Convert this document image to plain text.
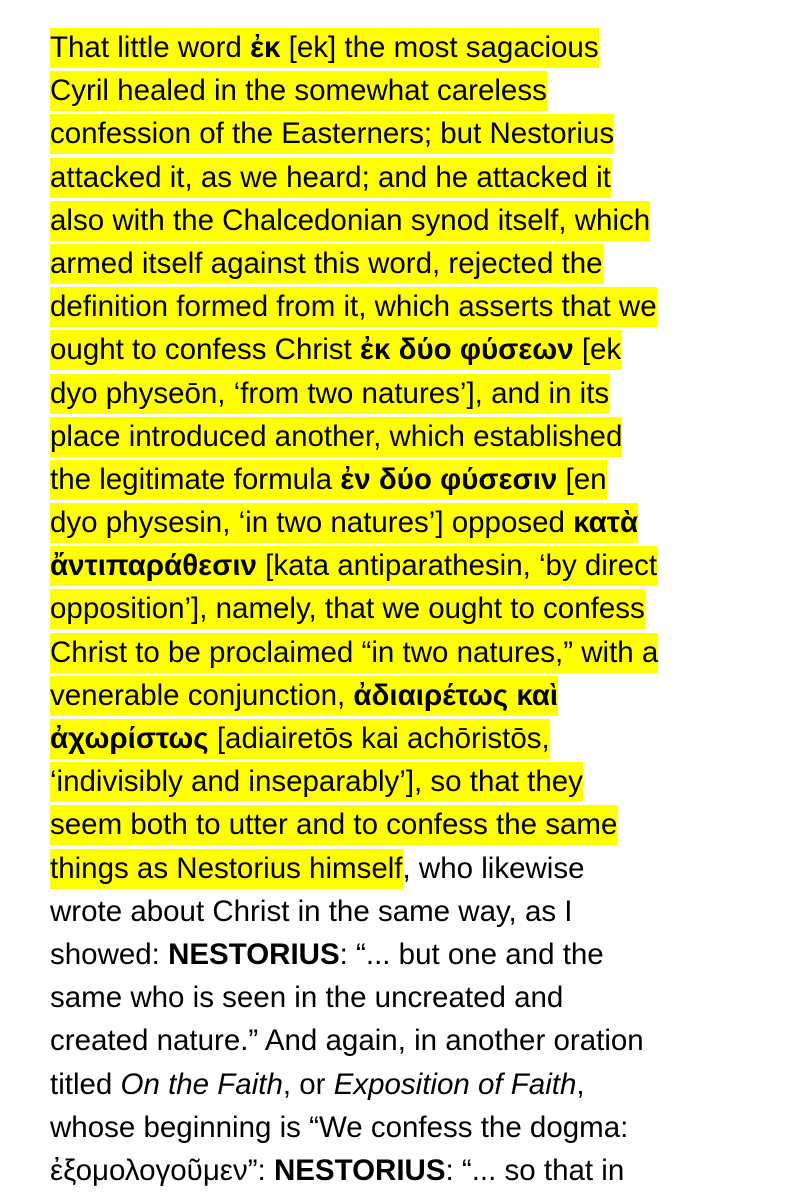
That little word ἐκ [ek] the most sagacious
Cyril healed in the somewhat careless
confession of the Easterners; but Nestorius
attacked it, as we heard; and he attacked it
also with the Chalcedonian synod itself, which
armed itself against this word, rejected the
definition formed from it, which asserts that we
ought to confess Christ ἐκ δύο φύσεων [ek
dyo physeōn, ‘from two natures’], and in its
place introduced another, which established
the legitimate formula ἐν δύο φύσεσιν [en
dyo physesin, ‘in two natures’] opposed κατὰ
ἄντιπαράθεσιν [kata antiparathesin, ‘by direct
opposition’], namely, that we ought to confess
Christ to be proclaimed “in two natures,” with a
venerable conjunction, ἀδιαιρέτως καὶ
ἀχωρίστως [adiairetōs kai achōristōs,
‘indivisibly and inseparably’], so that they
seem both to utter and to confess the same
things as Nestorius himself, who likewise
wrote about Christ in the same way, as I
showed: NESTORIUS: “... but one and the
same who is seen in the uncreated and
created nature.” And again, in another oration
titled On the Faith, or Exposition of Faith,
whose beginning is “We confess the dogma:
ἐξομολογοῦμεν”: NESTORIUS: “... so that in
